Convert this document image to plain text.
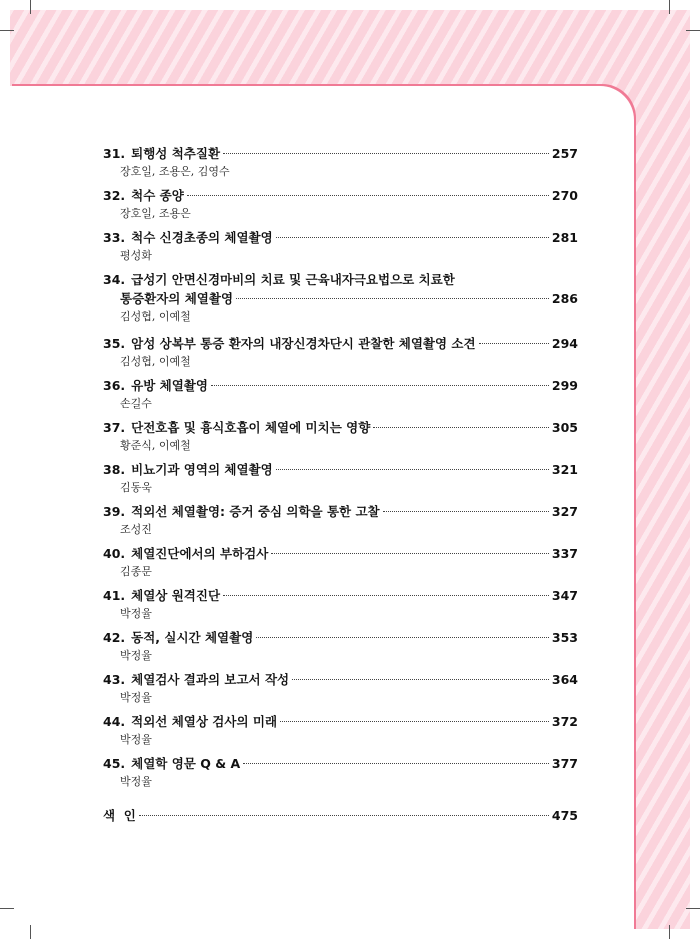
31. 퇴행성 척추질환	257
장호일, 조용은, 김영수
32. 척수 종양	270
장호일, 조용은
33. 척수 신경초종의 체열촬영	281
평성화
34. 급성기 안면신경마비의 치료 및 근육내자극요법으로 치료한
통증환자의 체열촬영	286
김성협, 이예철
35. 암성 상복부 통증 환자의 내장신경차단시 관찰한 체열촬영 소견	294
김성협, 이예철
36. 유방 체열촬영	299
손길수
37. 단전호흡 및 흉식호흡이 체열에 미치는 영향	305
황준식, 이예철
38. 비뇨기과 영역의 체열촬영	321
김동욱
39. 적외선 체열촬영: 증거 중심 의학을 통한 고찰	327
조성진
40. 체열진단에서의 부하검사	337
김종문
41. 체열상 원격진단	347
박정율
42. 동적, 실시간 체열촬영	353
박정율
43. 체열검사 결과의 보고서 작성	364
박정율
44. 적외선 체열상 검사의 미래	372
박정율
45. 체열학 영문 Q & A	377
박정율
색  인	475
